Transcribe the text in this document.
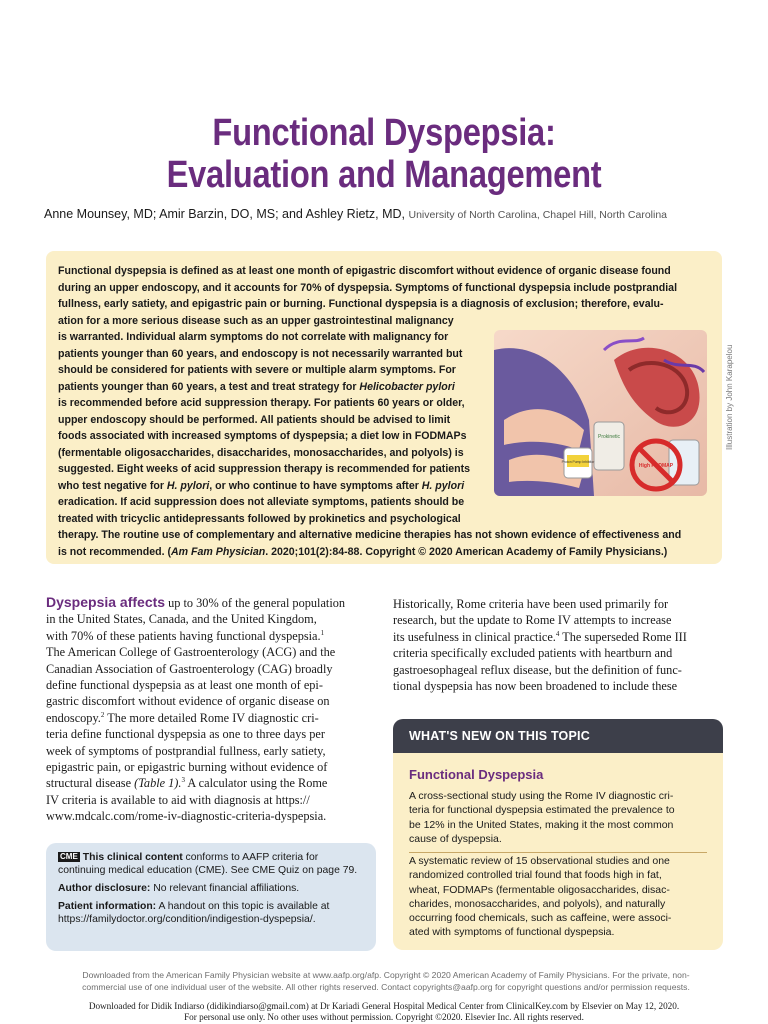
Functional Dyspepsia:
Evaluation and Management
Anne Mounsey, MD; Amir Barzin, DO, MS; and Ashley Rietz, MD, University of North Carolina, Chapel Hill, North Carolina
Functional dyspepsia is defined as at least one month of epigastric discomfort without evidence of organic disease found
during an upper endoscopy, and it accounts for 70% of dyspepsia. Symptoms of functional dyspepsia include postprandial
fullness, early satiety, and epigastric pain or burning. Functional dyspepsia is a diagnosis of exclusion; therefore, evalu-
ation for a more serious disease such as an upper gastrointestinal malignancy
is warranted. Individual alarm symptoms do not correlate with malignancy for
patients younger than 60 years, and endoscopy is not necessarily warranted but
should be considered for patients with severe or multiple alarm symptoms. For
patients younger than 60 years, a test and treat strategy for Helicobacter pylori
is recommended before acid suppression therapy. For patients 60 years or older,
upper endoscopy should be performed. All patients should be advised to limit
foods associated with increased symptoms of dyspepsia; a diet low in FODMAPs
(fermentable oligosaccharides, disaccharides, monosaccharides, and polyols) is
suggested. Eight weeks of acid suppression therapy is recommended for patients
who test negative for H. pylori, or who continue to have symptoms after H. pylori
eradication. If acid suppression does not alleviate symptoms, patients should be
treated with tricyclic antidepressants followed by prokinetics and psychological
therapy. The routine use of complementary and alternative medicine therapies has not shown evidence of effectiveness and
is not recommended. (Am Fam Physician. 2020;101(2):84-88. Copyright © 2020 American Academy of Family Physicians.)
Prokinetic
Proton Pump Inhibitor
High FODMAP
Illustration by John Karapelou
Dyspepsia affects up to 30% of the general population
in the United States, Canada, and the United Kingdom,
with 70% of these patients having functional dyspepsia.$^1$
The American College of Gastroenterology (ACG) and the
Canadian Association of Gastroenterology (CAG) broadly
define functional dyspepsia as at least one month of epi-
gastric discomfort without evidence of organic disease on
endoscopy.$^2$ The more detailed Rome IV diagnostic cri-
teria define functional dyspepsia as one to three days per
week of symptoms of postprandial fullness, early satiety,
epigastric pain, or epigastric burning without evidence of
structural disease (Table 1).$^3$ A calculator using the Rome
IV criteria is available to aid with diagnosis at https://
www.mdcalc.com/rome-iv-diagnostic-criteria-dyspepsia.
Historically, Rome criteria have been used primarily for
research, but the update to Rome IV attempts to increase
its usefulness in clinical practice.$^4$ The superseded Rome III
criteria specifically excluded patients with heartburn and
gastroesophageal reflux disease, but the definition of func-
tional dyspepsia has now been broadened to include these

CME This clinical content conforms to AAFP criteria for continuing medical education (CME). See CME Quiz on page 79.

Author disclosure: No relevant financial affiliations.

Patient information: A handout on this topic is available at https://familydoctor.org/condition/indigestion-dyspepsia/.

WHAT'S NEW ON THIS TOPIC
Functional Dyspepsia
A cross-sectional study using the Rome IV diagnostic cri-
teria for functional dyspepsia estimated the prevalence to
be 12% in the United States, making it the most common
cause of dyspepsia.
A systematic review of 15 observational studies and one
randomized controlled trial found that foods high in fat,
wheat, FODMAPs (fermentable oligosaccharides, disac-
charides, monosaccharides, and polyols), and naturally
occurring food chemicals, such as caffeine, were associ-
ated with symptoms of functional dyspepsia.
Downloaded from the American Family Physician website at www.aafp.org/afp. Copyright © 2020 American Academy of Family Physicians. For the private, non-
commercial use of one individual user of the website. All other rights reserved. Contact copyrights@aafp.org for copyright questions and/or permission requests.
Downloaded for Didik Indiarso (didikindiarso@gmail.com) at Dr Kariadi General Hospital Medical Center from ClinicalKey.com by Elsevier on May 12, 2020.
For personal use only. No other uses without permission. Copyright ©2020. Elsevier Inc. All rights reserved.
